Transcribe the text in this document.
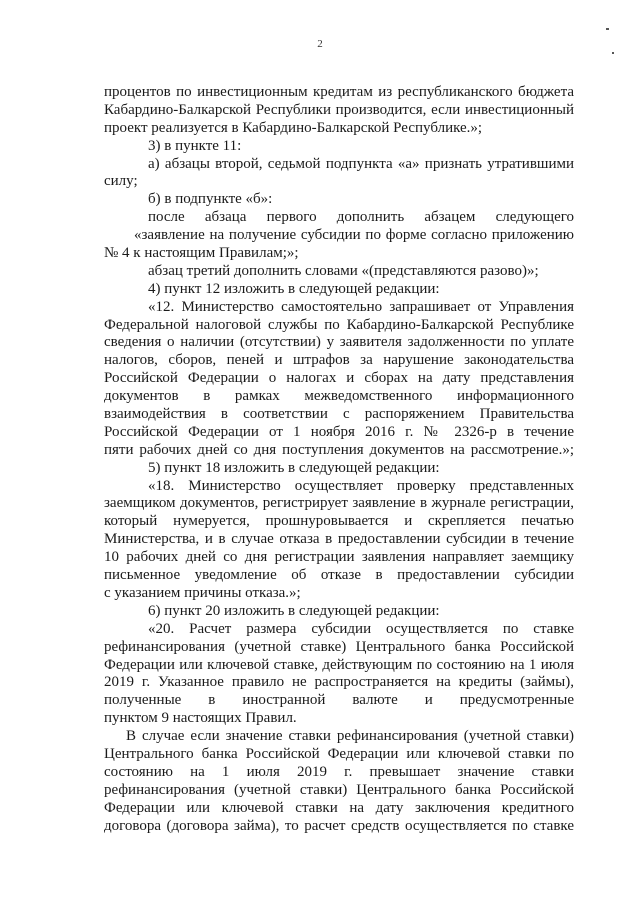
2
процентов по инвестиционным кредитам из республиканского бюджета
Кабардино-Балкарской Республики производится, если инвестиционный
проект реализуется в Кабардино-Балкарской Республике.»;
3) в пункте 11:
а) абзацы второй, седьмой подпункта «а» признать утратившими
силу;
б) в подпункте «б»:
после абзаца первого дополнить абзацем следующего
«заявление на получение субсидии по форме согласно приложению
№ 4 к настоящим Правилам;»;
абзац третий дополнить словами «(представляются разово)»;
4) пункт 12 изложить в следующей редакции:
«12. Министерство самостоятельно запрашивает от Управления
Федеральной налоговой службы по Кабардино-Балкарской Республике
сведения о наличии (отсутствии) у заявителя задолженности по уплате
налогов, сборов, пеней и штрафов за нарушение законодательства
Российской Федерации о налогах и сборах на дату представления
документов в рамках межведомственного информационного
взаимодействия в соответствии с распоряжением Правительства
Российской Федерации от 1 ноября 2016 г. № 2326-р в течение
пяти рабочих дней со дня поступления документов на рассмотрение.»;
5) пункт 18 изложить в следующей редакции:
«18. Министерство осуществляет проверку представленных
заемщиком документов, регистрирует заявление в журнале регистрации,
который нумеруется, прошнуровывается и скрепляется печатью
Министерства, и в случае отказа в предоставлении субсидии в течение
10 рабочих дней со дня регистрации заявления направляет заемщику
письменное уведомление об отказе в предоставлении субсидии
с указанием причины отказа.»;
6) пункт 20 изложить в следующей редакции:
«20. Расчет размера субсидии осуществляется по ставке
рефинансирования (учетной ставке) Центрального банка Российской
Федерации или ключевой ставке, действующим по состоянию на 1 июля
2019 г. Указанное правило не распространяется на кредиты (займы),
полученные в иностранной валюте и предусмотренные
пунктом 9 настоящих Правил.
В случае если значение ставки рефинансирования (учетной ставки)
Центрального банка Российской Федерации или ключевой ставки по
состоянию на 1 июля 2019 г. превышает значение ставки
рефинансирования (учетной ставки) Центрального банка Российской
Федерации или ключевой ставки на дату заключения кредитного
договора (договора займа), то расчет средств осуществляется по ставке
